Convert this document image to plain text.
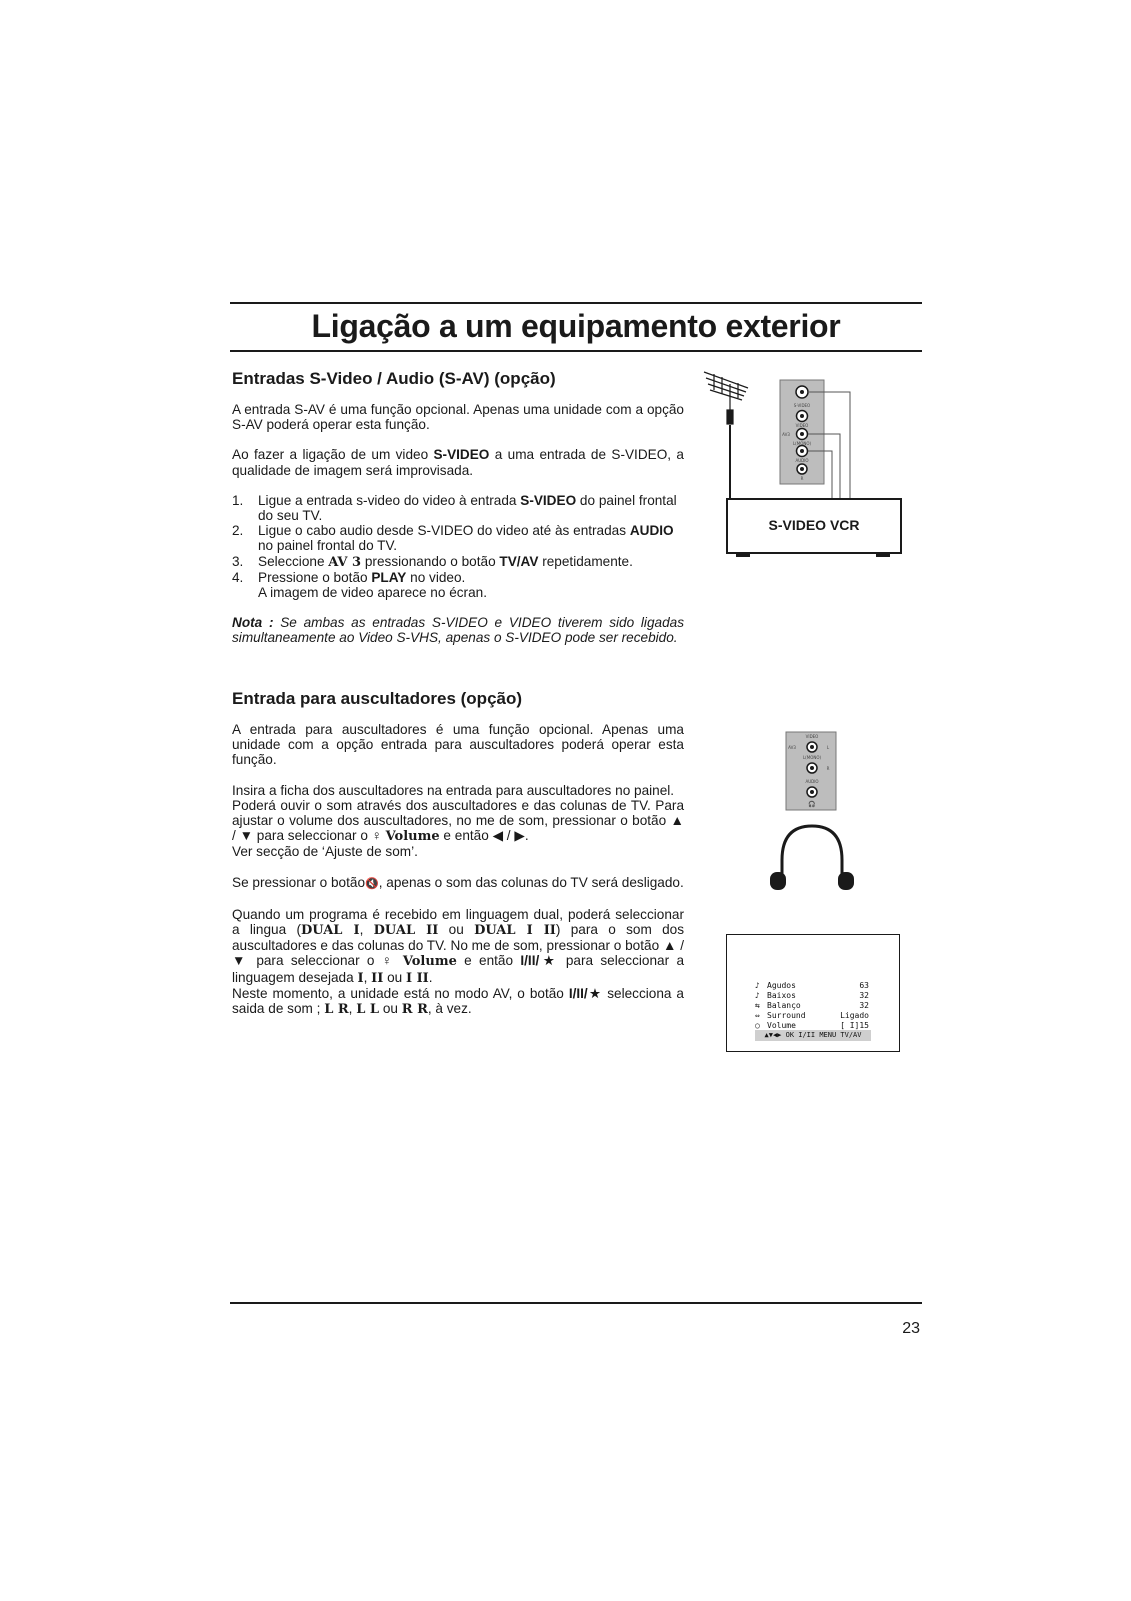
Ligação a um equipamento exterior
Entradas S-Video / Audio (S-AV) (opção)

A entrada S-AV é uma função opcional. Apenas uma unidade com a opção S-AV poderá operar esta função.

Ao fazer a ligação de um video S-VIDEO a uma entrada de S-VIDEO, a qualidade de imagem será improvisada.

1. Ligue a entrada s-video do video à entrada S-VIDEO do painel frontal do seu TV.
2. Ligue o cabo audio desde S-VIDEO do video até às entradas AUDIO no painel frontal do TV.
3. Seleccione AV 3 pressionando o botão TV/AV repetidamente.
4. Pressione o botão PLAY no video.
A imagem de video aparece no écran.

Nota : Se ambas as entradas S-VIDEO e VIDEO tiverem sido ligadas simultaneamente ao Video S-VHS, apenas o S-VIDEO pode ser recebido.

S-VIDEO
VIDEO
AV3
L(MONO)
AUDIO
R
S-VIDEO VCR
Entrada para auscultadores (opção)

A entrada para auscultadores é uma função opcional. Apenas uma unidade com a opção entrada para auscultadores poderá operar esta função.

Insira a ficha dos auscultadores na entrada para auscultadores no painel.

Poderá ouvir o som através dos auscultadores e das colunas de TV. Para ajustar o volume dos auscultadores, no me de som, pressionar o botão ▲ / ▼ para seleccionar o ♀ Volume e então ◀ / ▶.
Ver secção de ‘Ajuste de som’.

Se pressionar o botão🔇, apenas o som das colunas do TV será desligado.

Quando um programa é recebido em linguagem dual, poderá seleccionar a lingua (DUAL I, DUAL II ou DUAL I II) para o som dos auscultadores e das colunas do TV. No me de som, pressionar o botão ▲ / ▼ para seleccionar o ♀ Volume e então I/II/★ para seleccionar a linguagem desejada I, II ou I II.

Neste momento, a unidade está no modo AV, o botão I/II/★ selecciona a saida de som ; L R, L L ou R R, à vez.

VIDEO
AV3	L
L(MONO)
R
AUDIO
🎧
♪ Agudos	63
♪ Baixos	32
⇆ Balanço	32
⇔ Surround	Ligado
○ Volume	[ I]15
▲▼◀▶ OK I/II MENU TV/AV
23
